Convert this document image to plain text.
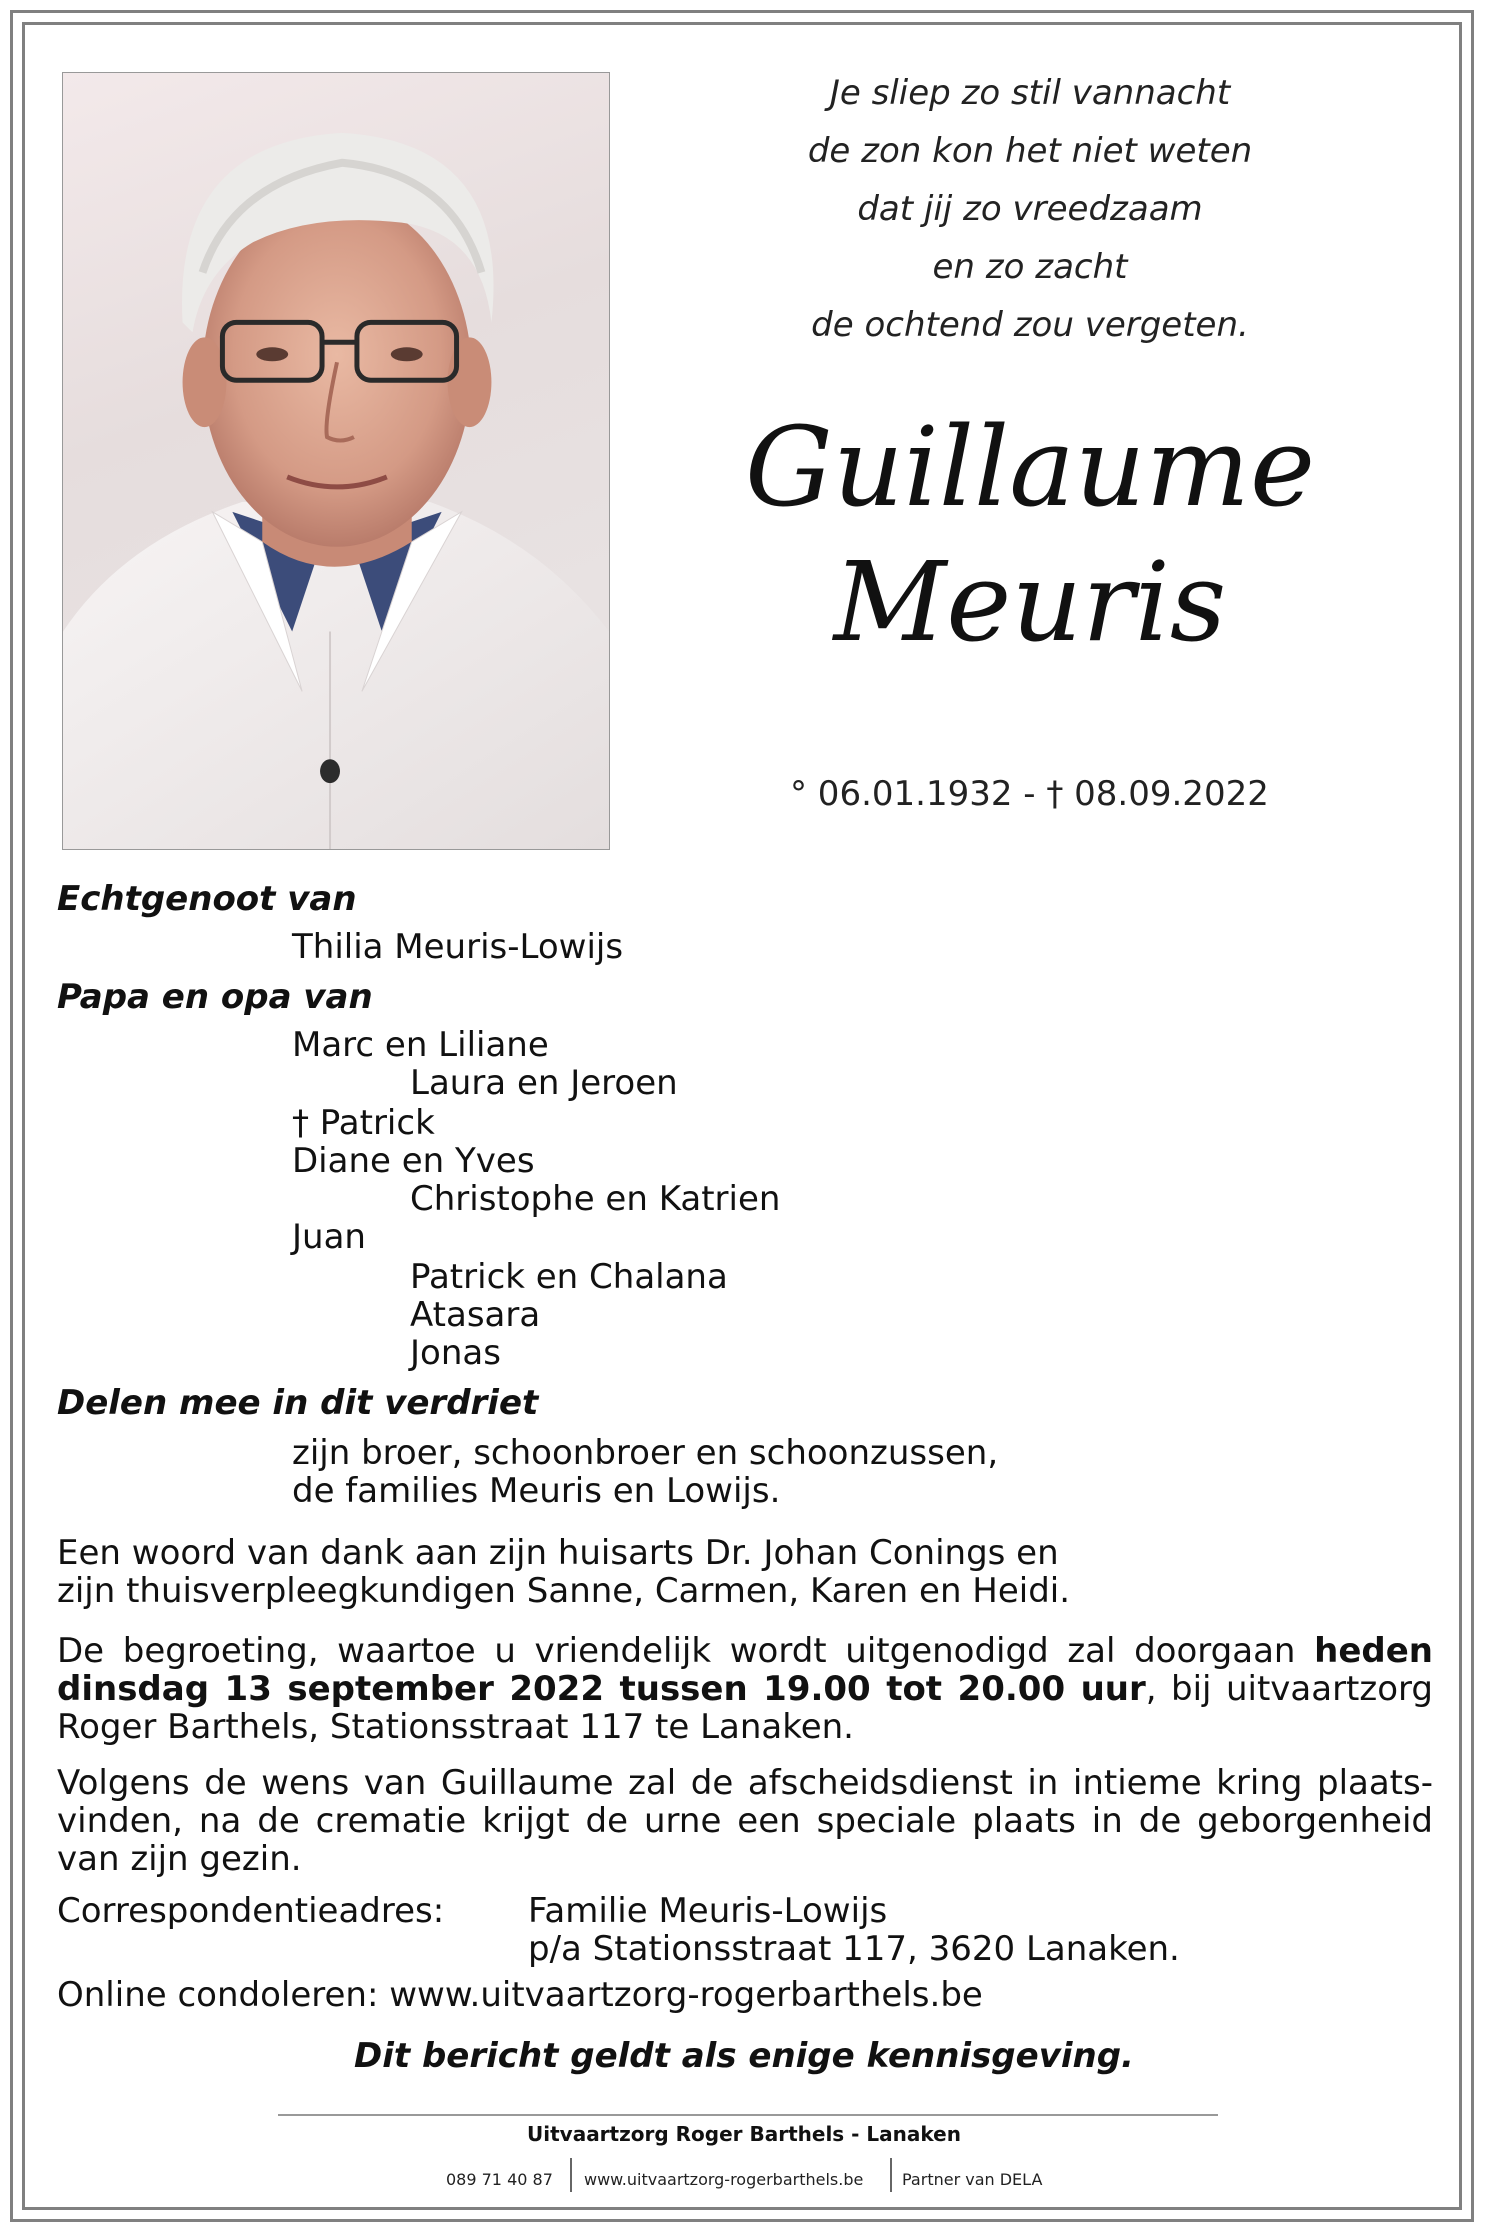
Je sliep zo stil vannacht
de zon kon het niet weten
dat jij zo vreedzaam
en zo zacht
de ochtend zou vergeten.
Guillaume
Meuris
° 06.01.1932 - † 08.09.2022
Echtgenoot van
Thilia Meuris-Lowijs
Papa en opa van
Marc en Liliane
Laura en Jeroen
† Patrick
Diane en Yves
Christophe en Katrien
Juan
Patrick en Chalana
Atasara
Jonas
Delen mee in dit verdriet
zijn broer, schoonbroer en schoonzussen,
de families Meuris en Lowijs.
Een woord van dank aan zijn huisarts Dr. Johan Conings en
zijn thuisverpleegkundigen Sanne, Carmen, Karen en Heidi.
De begroeting, waartoe u vriendelijk wordt uitgenodigd zal doorgaan heden dinsdag 13 september 2022 tussen 19.00 tot 20.00 uur, bij uitvaartzorg Roger Barthels, Stationsstraat 117 te Lanaken.
Volgens de wens van Guillaume zal de afscheidsdienst in intieme kring plaats-vinden, na de crematie krijgt de urne een speciale plaats in de geborgenheid van zijn gezin.
Correspondentieadres: Familie Meuris-Lowijs
p/a Stationsstraat 117, 3620 Lanaken.
Online condoleren: www.uitvaartzorg-rogerbarthels.be
Dit bericht geldt als enige kennisgeving.
Uitvaartzorg Roger Barthels - Lanaken
089 71 40 87 www.uitvaartzorg-rogerbarthels.be Partner van DELA
